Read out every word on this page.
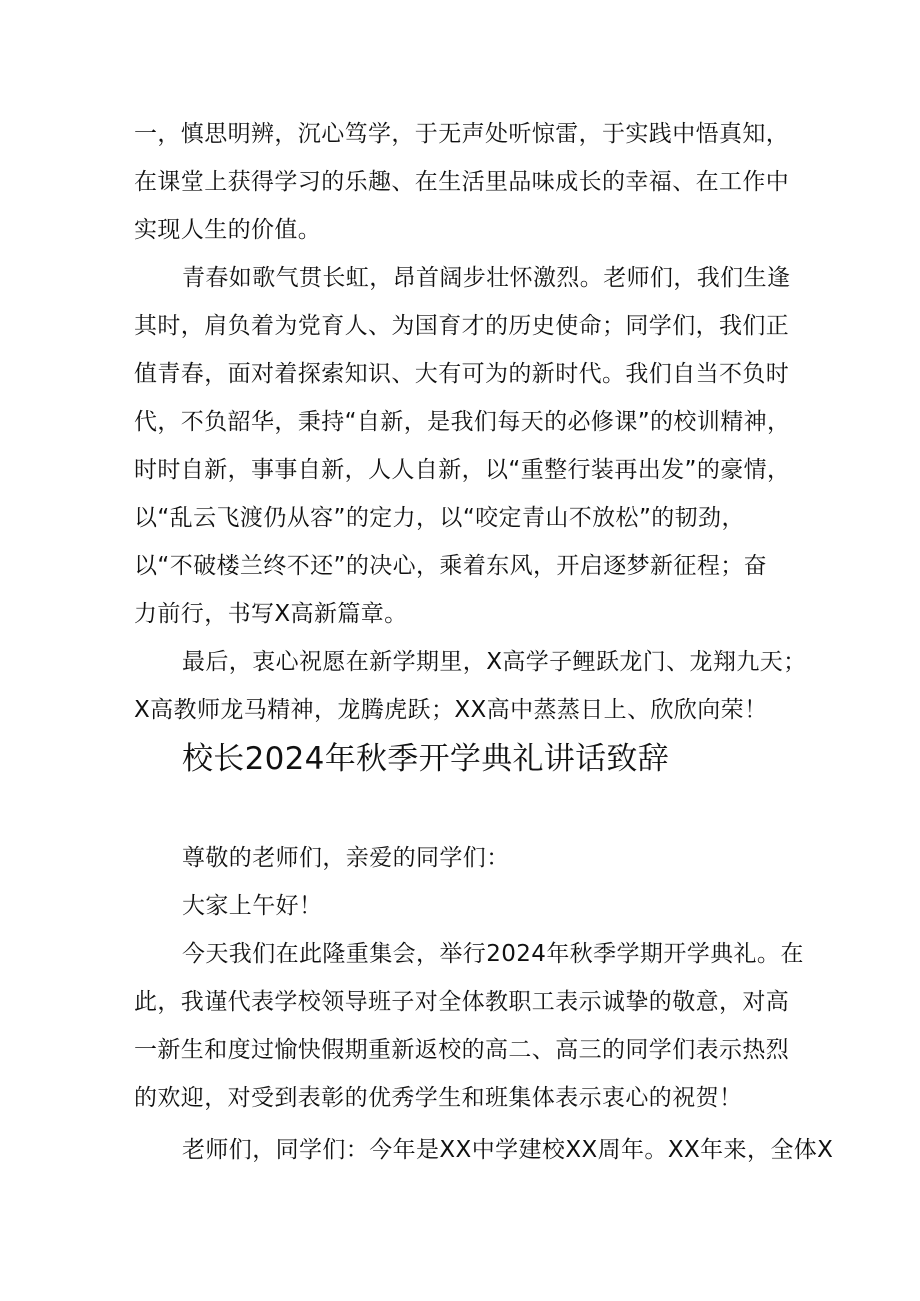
一，慎思明辨，沉心笃学，于无声处听惊雷，于实践中悟真知，
在课堂上获得学习的乐趣、在生活里品味成长的幸福、在工作中
实现人生的价值。
青春如歌气贯长虹，昂首阔步壮怀激烈。老师们，我们生逢
其时，肩负着为党育人、为国育才的历史使命；同学们，我们正
值青春，面对着探索知识、大有可为的新时代。我们自当不负时
代，不负韶华，秉持“自新，是我们每天的必修课”的校训精神，
时时自新，事事自新，人人自新，以“重整行装再出发”的豪情，
以“乱云飞渡仍从容”的定力，以“咬定青山不放松”的韧劲，
以“不破楼兰终不还”的决心，乘着东风，开启逐梦新征程；奋
力前行，书写X高新篇章。
最后，衷心祝愿在新学期里，X高学子鲤跃龙门、龙翔九天；
X高教师龙马精神，龙腾虎跃；XX高中蒸蒸日上、欣欣向荣！
校长2024年秋季开学典礼讲话致辞
尊敬的老师们，亲爱的同学们：
大家上午好！
今天我们在此隆重集会，举行2024年秋季学期开学典礼。在
此，我谨代表学校领导班子对全体教职工表示诚挚的敬意，对高
一新生和度过愉快假期重新返校的高二、高三的同学们表示热烈
的欢迎，对受到表彰的优秀学生和班集体表示衷心的祝贺！
老师们，同学们：今年是XX中学建校XX周年。XX年来，全体X
